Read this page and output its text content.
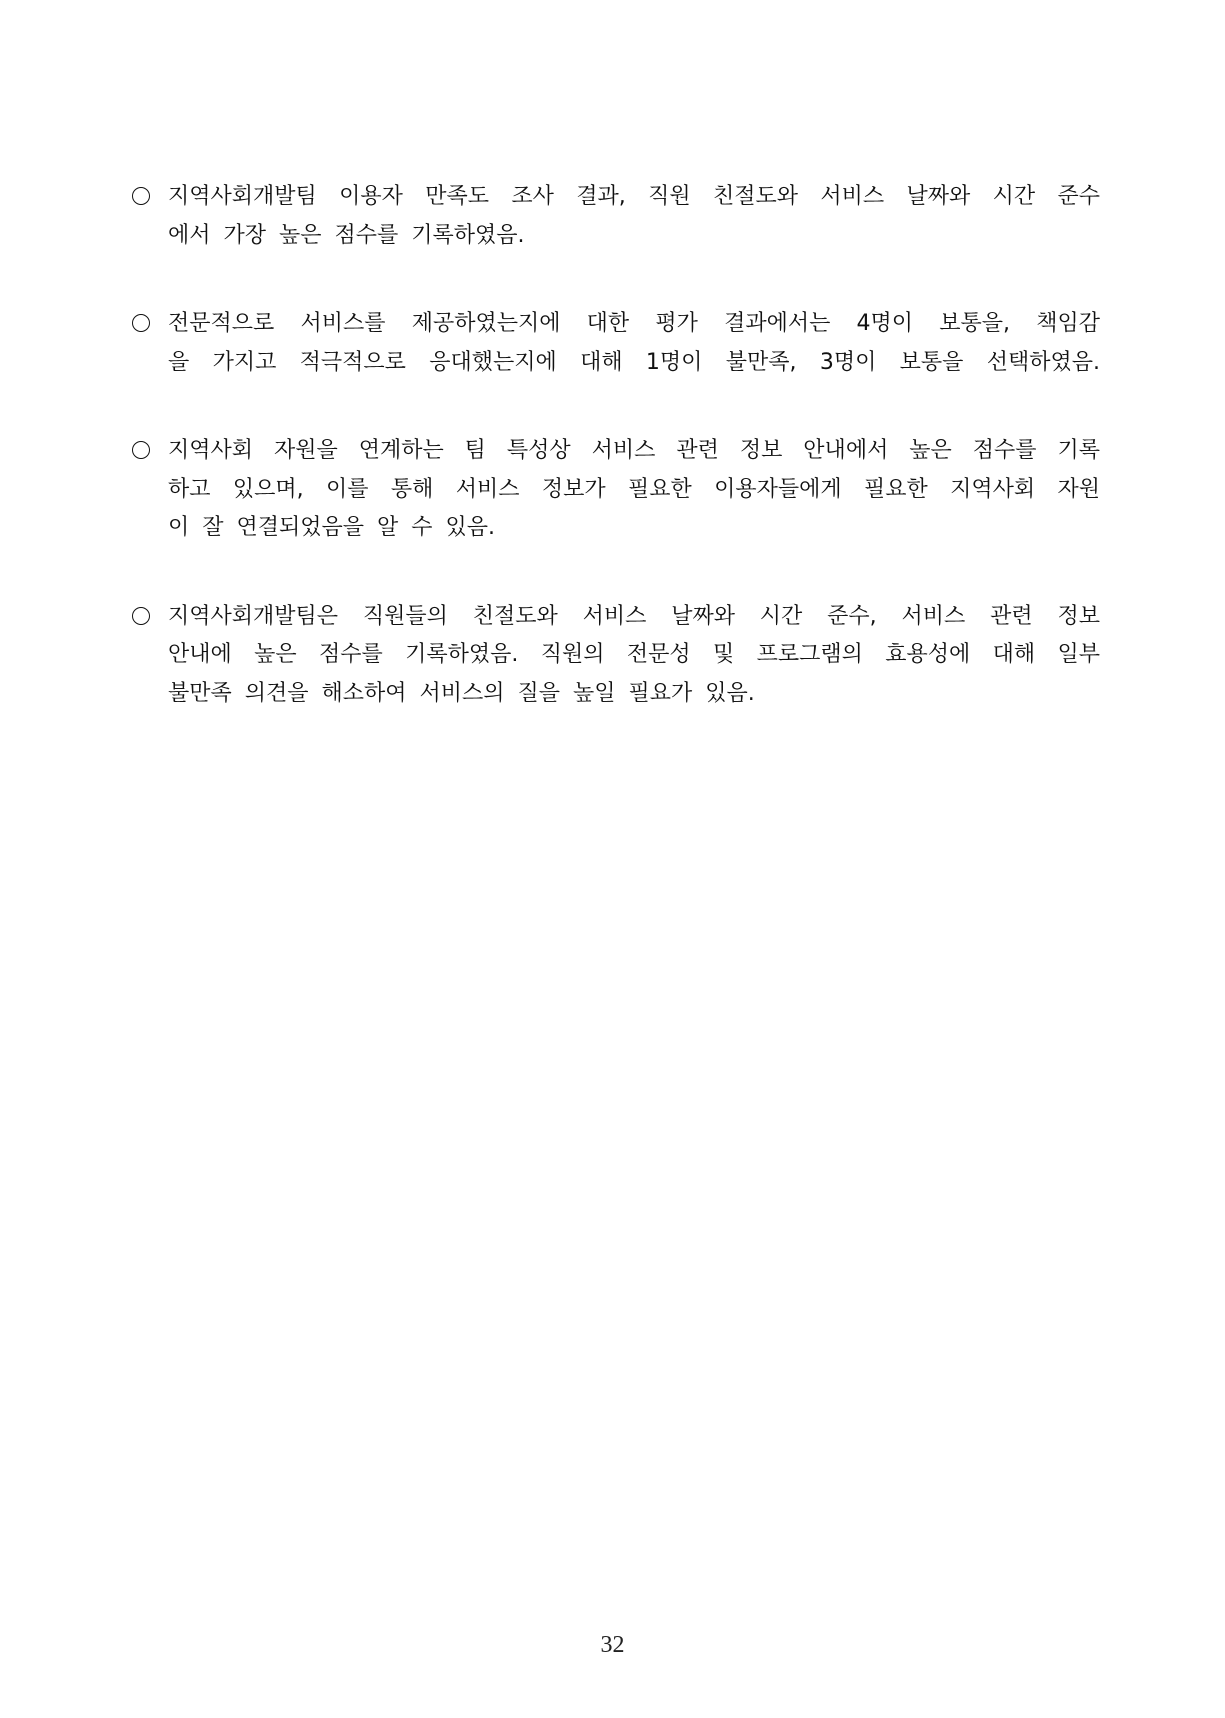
지역사회개발팀 이용자 만족도 조사 결과, 직원 친절도와 서비스 날짜와 시간 준수
에서 가장 높은 점수를 기록하였음.
전문적으로 서비스를 제공하였는지에 대한 평가 결과에서는 4명이 보통을, 책임감
을 가지고 적극적으로 응대했는지에 대해 1명이 불만족, 3명이 보통을 선택하였음.
지역사회 자원을 연계하는 팀 특성상 서비스 관련 정보 안내에서 높은 점수를 기록
하고 있으며, 이를 통해 서비스 정보가 필요한 이용자들에게 필요한 지역사회 자원
이 잘 연결되었음을 알 수 있음.
지역사회개발팀은 직원들의 친절도와 서비스 날짜와 시간 준수, 서비스 관련 정보
안내에 높은 점수를 기록하였음. 직원의 전문성 및 프로그램의 효용성에 대해 일부
불만족 의견을 해소하여 서비스의 질을 높일 필요가 있음.
32
